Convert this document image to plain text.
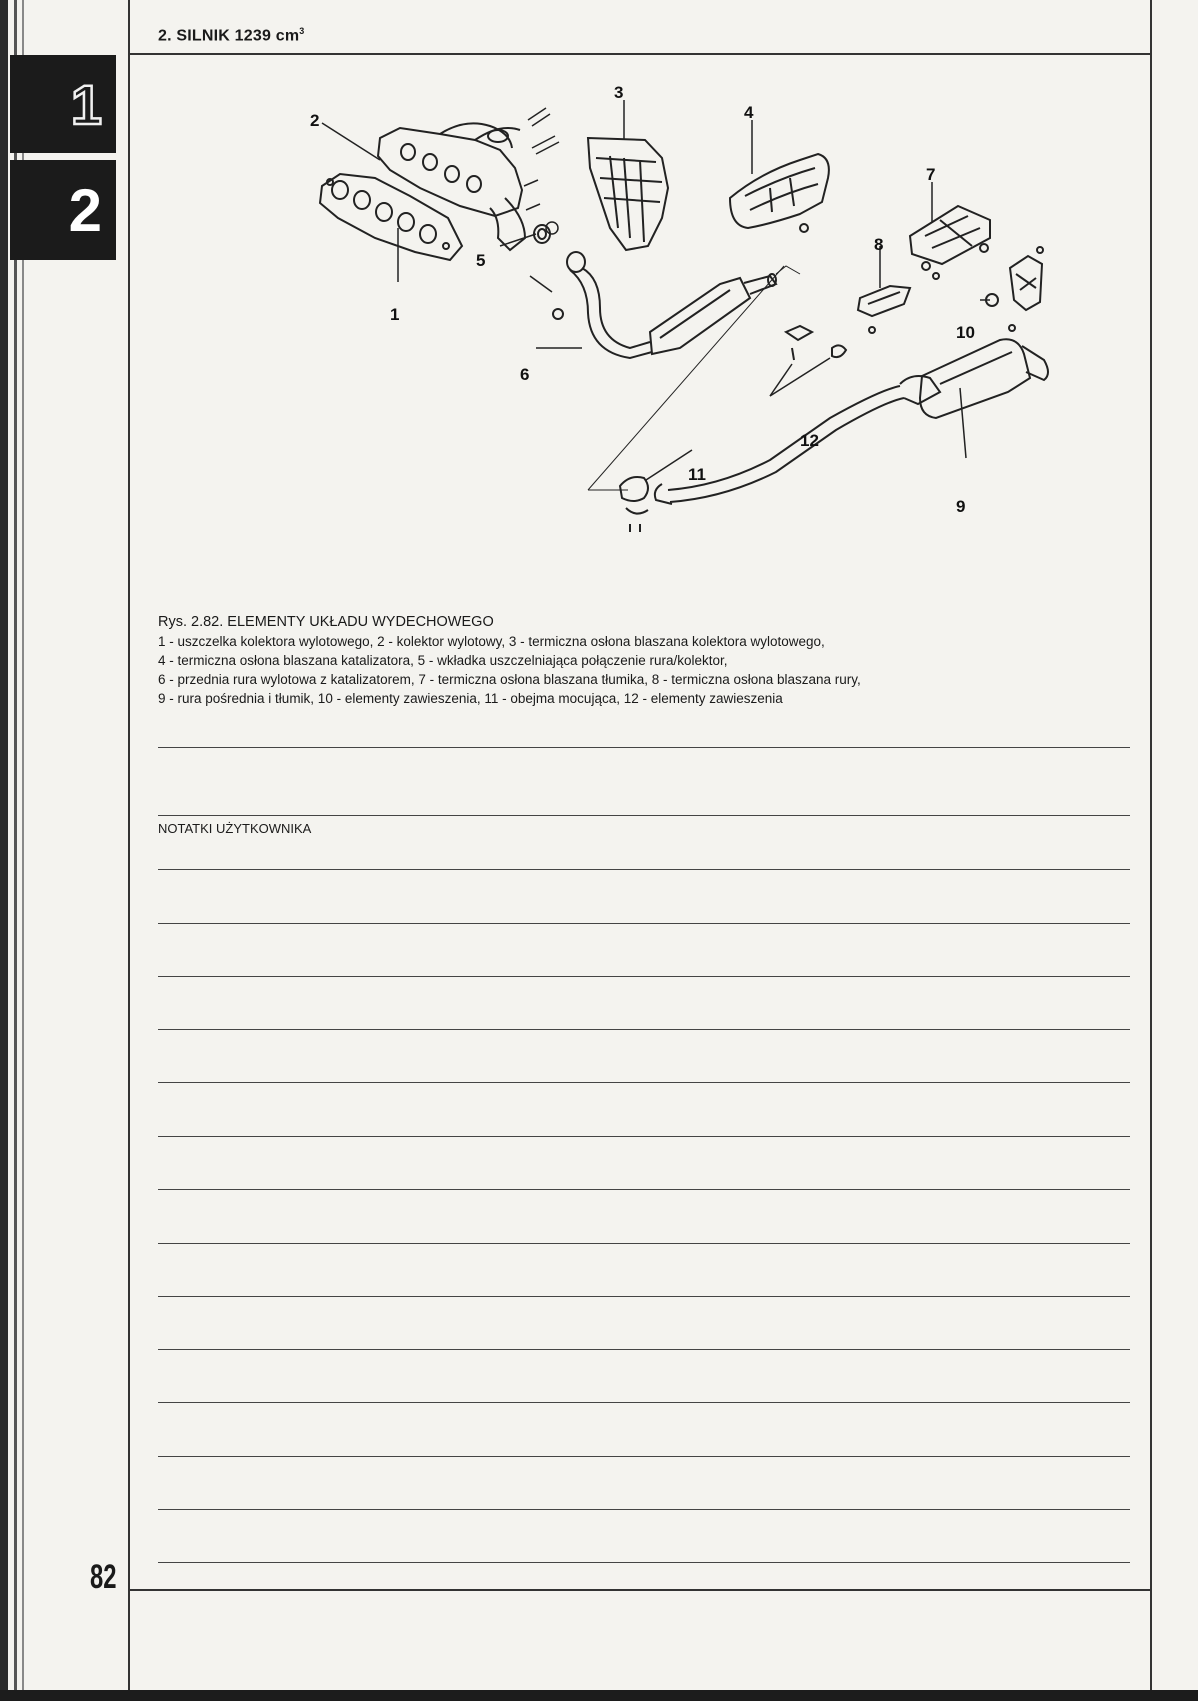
2. SILNIK 1239 $cm^3$
1
2
82
2
3
4
7
8
5
10
1
6
9
11
12
Rys. 2.82. ELEMENTY UKŁADU WYDECHOWEGO
1 - uszczelka kolektora wylotowego, 2 - kolektor wylotowy, 3 - termiczna osłona blaszana kolektora wylotowego,
4 - termiczna osłona blaszana katalizatora, 5 - wkładka uszczelniająca połączenie rura/kolektor,
6 - przednia rura wylotowa z katalizatorem, 7 - termiczna osłona blaszana tłumika, 8 - termiczna osłona blaszana rury,
9 - rura pośrednia i tłumik, 10 - elementy zawieszenia, 11 - obejma mocująca, 12 - elementy zawieszenia
NOTATKI UŻYTKOWNIKA
